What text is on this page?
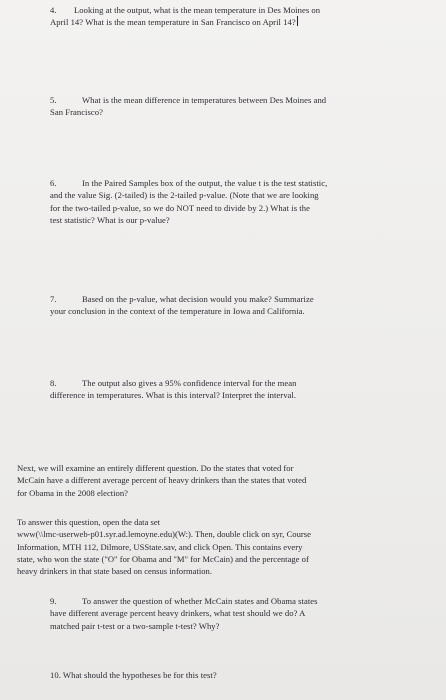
4. Looking at the output, what is the mean temperature in Des Moines on
April 14? What is the mean temperature in San Francisco on April 14?
5.	What is the mean difference in temperatures between Des Moines and
San Francisco?
6.	In the Paired Samples box of the output, the value t is the test statistic,
and the value Sig. (2-tailed) is the 2-tailed p-value. (Note that we are looking
for the two-tailed p-value, so we do NOT need to divide by 2.) What is the
test statistic? What is our p-value?
7.	Based on the p-value, what decision would you make? Summarize
your conclusion in the context of the temperature in Iowa and California.
8.	The output also gives a 95% confidence interval for the mean
difference in temperatures. What is this interval? Interpret the interval.
Next, we will examine an entirely different question. Do the states that voted for
McCain have a different average percent of heavy drinkers than the states that voted
for Obama in the 2008 election?
To answer this question, open the data set
www(\\lmc-userweb-p01.syr.ad.lemoyne.edu)(W:). Then, double click on syr, Course
Information, MTH 112, Dilmore, USState.sav, and click Open. This contains every
state, who won the state ("O" for Obama and "M" for McCain) and the percentage of
heavy drinkers in that state based on census information.
9.	To answer the question of whether McCain states and Obama states
have different average percent heavy drinkers, what test should we do? A
matched pair t-test or a two-sample t-test? Why?
10. What should the hypotheses be for this test?
